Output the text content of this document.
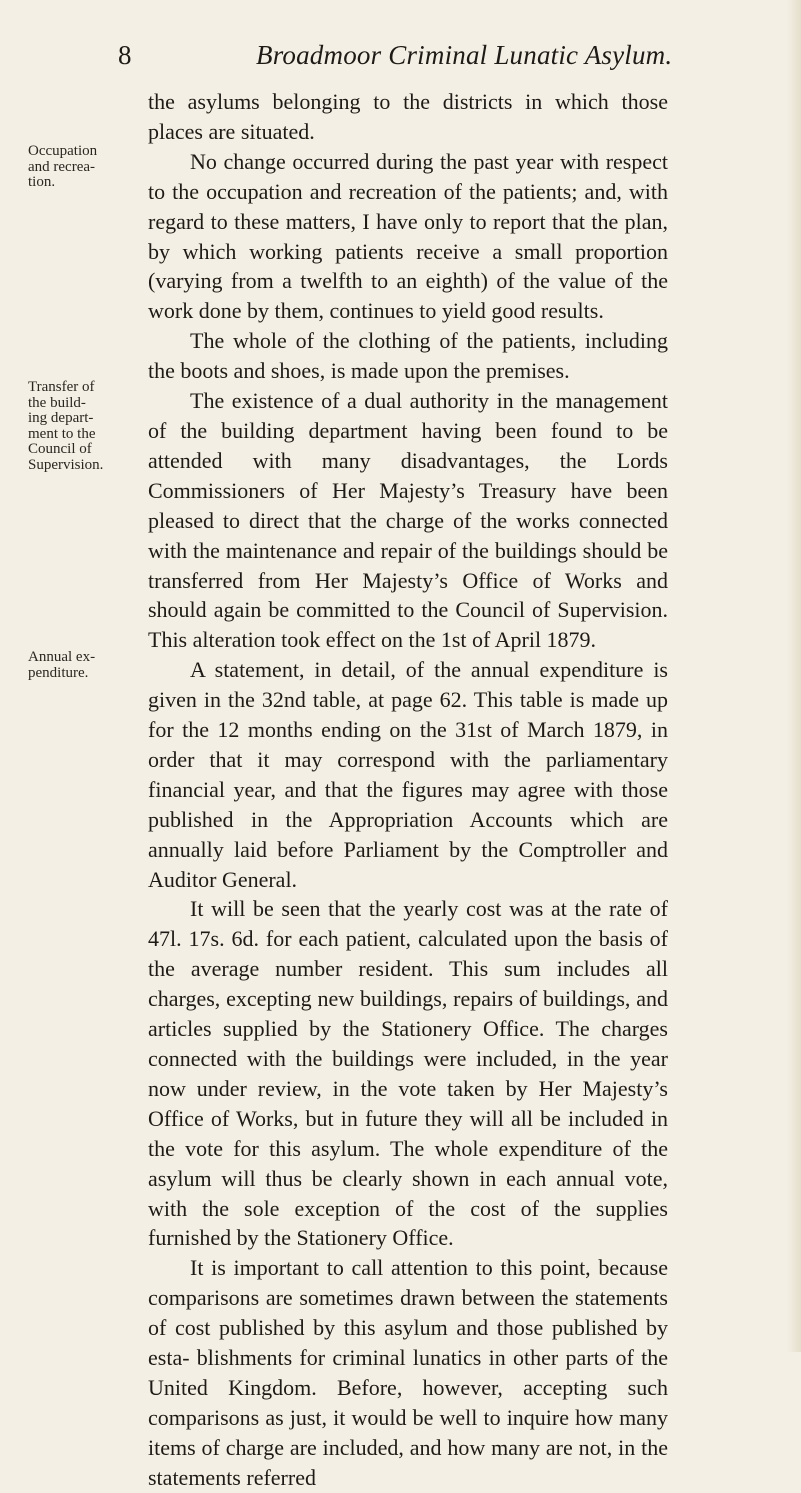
8	Broadmoor Criminal Lunatic Asylum.
Occupation
and recrea-
tion.
Transfer of
the build-
ing depart-
ment to the
Council of
Supervision.
Annual ex-
penditure.

the asylums belonging to the districts in which those places are situated.

No change occurred during the past year with respect to the occupation and recreation of the patients; and, with regard to these matters, I have only to report that the plan, by which working patients receive a small proportion (varying from a twelfth to an eighth) of the value of the work done by them, continues to yield good results.

The whole of the clothing of the patients, including the boots and shoes, is made upon the premises.

The existence of a dual authority in the management of the building department having been found to be attended with many disadvantages, the Lords Commissioners of Her Majesty’s Treasury have been pleased to direct that the charge of the works connected with the maintenance and repair of the buildings should be transferred from Her Majesty’s Office of Works and should again be committed to the Council of Supervision. This alteration took effect on the 1st of April 1879.

A statement, in detail, of the annual expenditure is given in the 32nd table, at page 62. This table is made up for the 12 months ending on the 31st of March 1879, in order that it may correspond with the parliamentary financial year, and that the figures may agree with those published in the Appropriation Accounts which are annually laid before Parliament by the Comptroller and Auditor General.

It will be seen that the yearly cost was at the rate of 47l. 17s. 6d. for each patient, calculated upon the basis of the average number resident. This sum includes all charges, excepting new buildings, repairs of buildings, and articles supplied by the Stationery Office. The charges connected with the buildings were included, in the year now under review, in the vote taken by Her Majesty’s Office of Works, but in future they will all be included in the vote for this asylum. The whole expenditure of the asylum will thus be clearly shown in each annual vote, with the sole exception of the cost of the supplies furnished by the Stationery Office.

It is important to call attention to this point, because comparisons are sometimes drawn between the statements of cost published by this asylum and those published by esta- blishments for criminal lunatics in other parts of the United Kingdom. Before, however, accepting such comparisons as just, it would be well to inquire how many items of charge are included, and how many are not, in the statements referred
